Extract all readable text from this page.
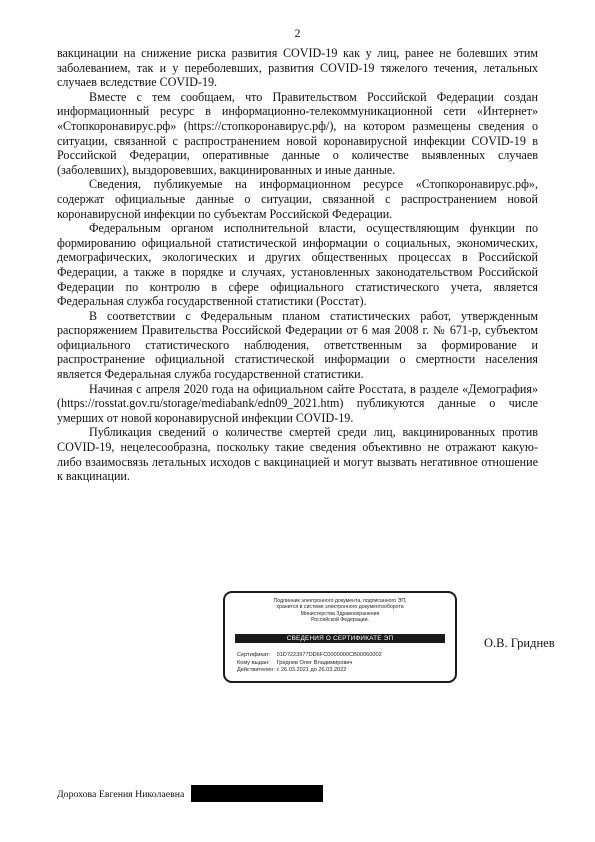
2

вакцинации на снижение риска развития COVID-19 как у лиц, ранее не болевших этим заболеванием, так и у переболевших, развития COVID-19 тяжелого течения, летальных случаев вследствие COVID-19.

Вместе с тем сообщаем, что Правительством Российской Федерации создан информационный ресурс в информационно-телекоммуникационной сети «Интернет» «Стопкоронавирус.рф» (https://стопкоронавирус.рф/), на котором размещены сведения о ситуации, связанной с распространением новой коронавирусной инфекции COVID-19 в Российской Федерации, оперативные данные о количестве выявленных случаев (заболевших), выздоровевших, вакцинированных и иные данные.

Сведения, публикуемые на информационном ресурсе «Стопкоронавирус.рф», содержат официальные данные о ситуации, связанной с распространением новой коронавирусной инфекции по субъектам Российской Федерации.

Федеральным органом исполнительной власти, осуществляющим функции по формированию официальной статистической информации о социальных, экономических, демографических, экологических и других общественных процессах в Российской Федерации, а также в порядке и случаях, установленных законодательством Российской Федерации по контролю в сфере официального статистического учета, является Федеральная служба государственной статистики (Росстат).

В соответствии с Федеральным планом статистических работ, утвержденным распоряжением Правительства Российской Федерации от 6 мая 2008 г. № 671-р, субъектом официального статистического наблюдения, ответственным за формирование и распространение официальной статистической информации о смертности населения является Федеральная служба государственной статистики.

Начиная с апреля 2020 года на официальном сайте Росстата, в разделе «Демография» (https://rosstat.gov.ru/storage/mediabank/edn09_2021.htm) публикуются данные о числе умерших от новой коронавирусной инфекции COVID-19.

Публикация сведений о количестве смертей среди лиц, вакцинированных против COVID-19, нецелесообразна, поскольку такие сведения объективно не отражают какую-либо взаимосвязь летальных исходов с вакцинацией и могут вызвать негативное отношение к вакцинации.

Подлинник электронного документа, подписанного ЭП,
хранится в системе электронного документооборота
Министерства Здравоохранения
Российской Федерации.
СВЕДЕНИЯ О СЕРТИФИКАТЕ ЭП
Сертификат: 01D7223977DD6FC0000000CB00060002
Кому выдан: Гриднев Олег Владимирович
Действителен: с 26.03.2021 до 26.03.2022
О.В. Гриднев
Дорохова Евгения Николаевна
